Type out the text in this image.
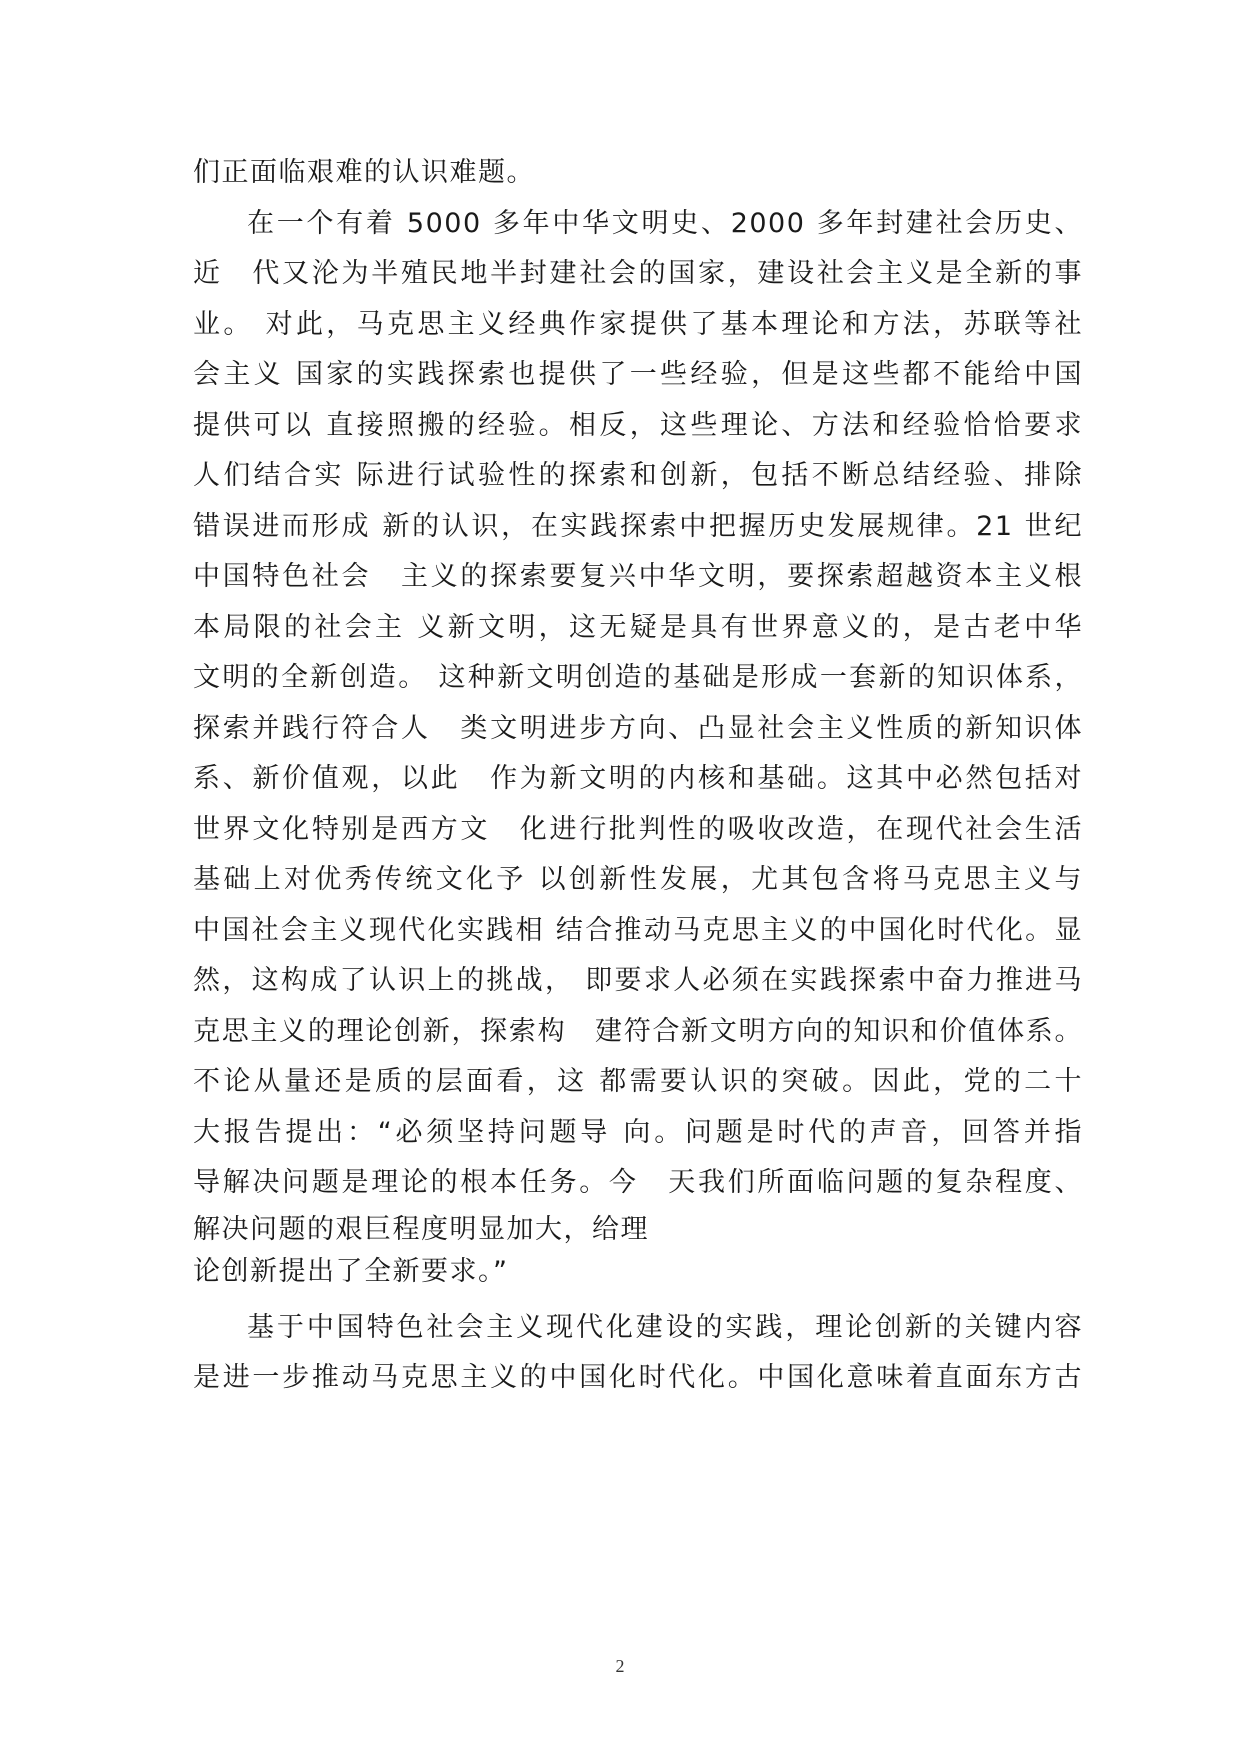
们正面临艰难的认识难题。
在一个有着 5000 多年中华文明史、2000 多年封建社会历史、
近　代又沦为半殖民地半封建社会的国家，建设社会主义是全新的事
业。 对此，马克思主义经典作家提供了基本理论和方法，苏联等社
会主义 国家的实践探索也提供了一些经验，但是这些都不能给中国
提供可以 直接照搬的经验。相反，这些理论、方法和经验恰恰要求
人们结合实 际进行试验性的探索和创新，包括不断总结经验、排除
错误进而形成 新的认识，在实践探索中把握历史发展规律。21 世纪
中国特色社会　主义的探索要复兴中华文明，要探索超越资本主义根
本局限的社会主 义新文明，这无疑是具有世界意义的，是古老中华
文明的全新创造。 这种新文明创造的基础是形成一套新的知识体系，
探索并践行符合人　类文明进步方向、凸显社会主义性质的新知识体
系、新价值观，以此　作为新文明的内核和基础。这其中必然包括对
世界文化特别是西方文　化进行批判性的吸收改造，在现代社会生活
基础上对优秀传统文化予 以创新性发展，尤其包含将马克思主义与
中国社会主义现代化实践相 结合推动马克思主义的中国化时代化。显
然，这构成了认识上的挑战， 即要求人必须在实践探索中奋力推进马
克思主义的理论创新，探索构　建符合新文明方向的知识和价值体系。
不论从量还是质的层面看，这 都需要认识的突破。因此，党的二十
大报告提出：“必须坚持问题导 向。问题是时代的声音，回答并指
导解决问题是理论的根本任务。今　天我们所面临问题的复杂程度、
解决问题的艰巨程度明显加大，给理
论创新提出了全新要求。”
基于中国特色社会主义现代化建设的实践，理论创新的关键内容
是进一步推动马克思主义的中国化时代化。中国化意味着直面东方古
2
